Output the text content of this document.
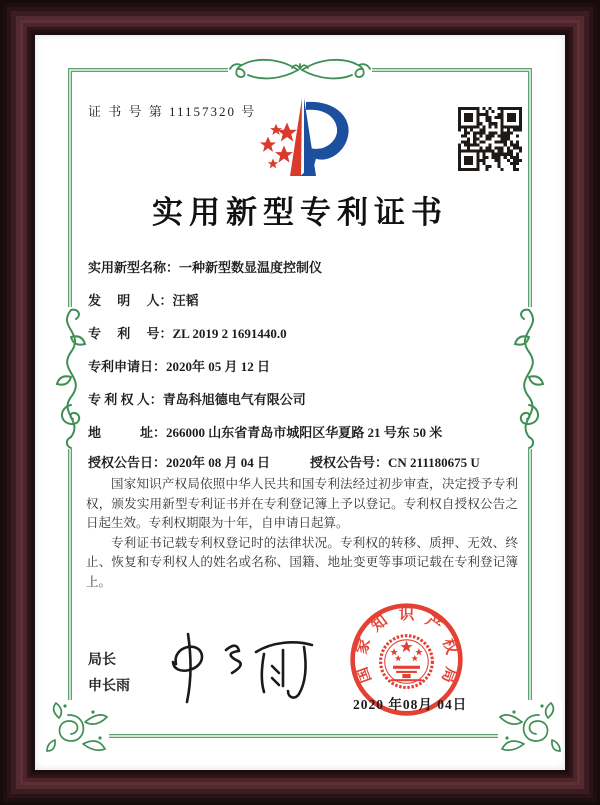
证 书 号 第 11157320 号
实用新型专利证书
实用新型名称：一种新型数显温度控制仪
发　 明　 人：汪韬
专　 利　 号：ZL 2019 2 1691440.0
专利申请日：2020年 05 月 12 日
专 利 权 人：青岛科旭德电气有限公司
地　　　址：266000 山东省青岛市城阳区华夏路 21 号东 50 米
授权公告日：2020年 08 月 04 日	授权公告号：CN 211180675 U

国家知识产权局依照中华人民共和国专利法经过初步审查，决定授予专利权，颁发实用新型专利证书并在专利登记簿上予以登记。专利权自授权公告之日起生效。专利权期限为十年，自申请日起算。

专利证书记载专利权登记时的法律状况。专利权的转移、质押、无效、终止、恢复和专利权人的姓名或名称、国籍、地址变更等事项记载在专利登记簿上。

局长
申长雨	国
家
知 识 产
权
局
2020 年08月 04日
